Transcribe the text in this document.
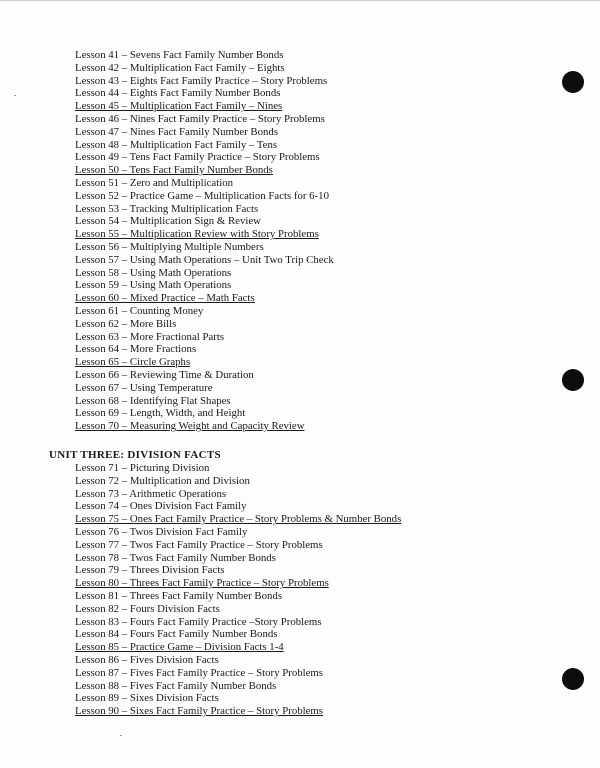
Lesson 41 – Sevens Fact Family Number Bonds
Lesson 42 – Multiplication Fact Family – Eights
Lesson 43 – Eights Fact Family Practice – Story Problems
Lesson 44 – Eights Fact Family Number Bonds
Lesson 45 – Multiplication Fact Family – Nines
Lesson 46 – Nines Fact Family Practice – Story Problems
Lesson 47 – Nines Fact Family Number Bonds
Lesson 48 – Multiplication Fact Family – Tens
Lesson 49 – Tens Fact Family Practice – Story Problems
Lesson 50 – Tens Fact Family Number Bonds
Lesson 51 – Zero and Multiplication
Lesson 52 – Practice Game – Multiplication Facts for 6-10
Lesson 53 – Tracking Multiplication Facts
Lesson 54 – Multiplication Sign & Review
Lesson 55 – Multiplication Review with Story Problems
Lesson 56 – Multiplying Multiple Numbers
Lesson 57 – Using Math Operations – Unit Two Trip Check
Lesson 58 – Using Math Operations
Lesson 59 – Using Math Operations
Lesson 60 – Mixed Practice – Math Facts
Lesson 61 – Counting Money
Lesson 62 – More Bills
Lesson 63 – More Fractional Parts
Lesson 64 – More Fractions
Lesson 65 – Circle Graphs
Lesson 66 – Reviewing Time & Duration
Lesson 67 – Using Temperature
Lesson 68 – Identifying Flat Shapes
Lesson 69 – Length, Width, and Height
Lesson 70 – Measuring Weight and Capacity Review
UNIT THREE: DIVISION FACTS
Lesson 71 – Picturing Division
Lesson 72 – Multiplication and Division
Lesson 73 – Arithmetic Operations
Lesson 74 – Ones Division Fact Family
Lesson 75 – Ones Fact Family Practice – Story Problems & Number Bonds
Lesson 76 – Twos Division Fact Family
Lesson 77 – Twos Fact Family Practice – Story Problems
Lesson 78 – Twos Fact Family Number Bonds
Lesson 79 – Threes Division Facts
Lesson 80 – Threes Fact Family Practice – Story Problems
Lesson 81 – Threes Fact Family Number Bonds
Lesson 82 – Fours Division Facts
Lesson 83 – Fours Fact Family Practice –Story Problems
Lesson 84 – Fours Fact Family Number Bonds
Lesson 85 – Practice Game – Division Facts 1-4
Lesson 86 – Fives Division Facts
Lesson 87 – Fives Fact Family Practice – Story Problems
Lesson 88 – Fives Fact Family Number Bonds
Lesson 89 – Sixes Division Facts
Lesson 90 – Sixes Fact Family Practice – Story Problems
